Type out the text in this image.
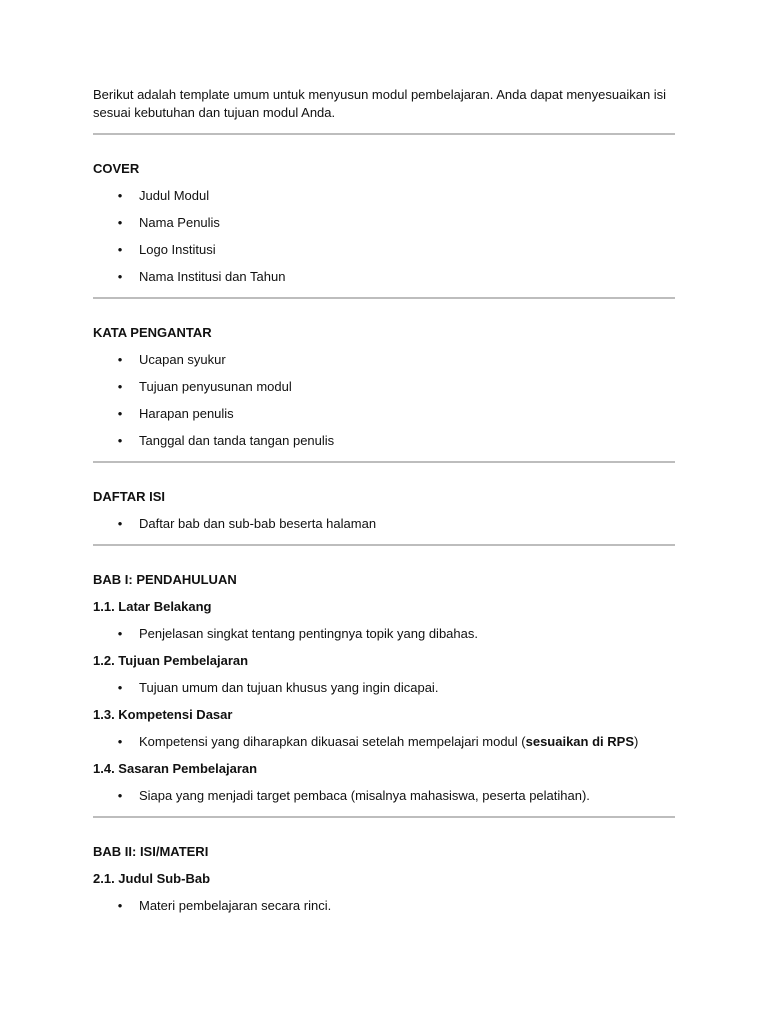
Berikut adalah template umum untuk menyusun modul pembelajaran. Anda dapat menyesuaikan isi sesuai kebutuhan dan tujuan modul Anda.

COVER
• Judul Modul
• Nama Penulis
• Logo Institusi
• Nama Institusi dan Tahun
KATA PENGANTAR
• Ucapan syukur
• Tujuan penyusunan modul
• Harapan penulis
• Tanggal dan tanda tangan penulis
DAFTAR ISI
• Daftar bab dan sub-bab beserta halaman
BAB I: PENDAHULUAN
1.1. Latar Belakang
• Penjelasan singkat tentang pentingnya topik yang dibahas.
1.2. Tujuan Pembelajaran
• Tujuan umum dan tujuan khusus yang ingin dicapai.
1.3. Kompetensi Dasar
• Kompetensi yang diharapkan dikuasai setelah mempelajari modul (sesuaikan di RPS)
1.4. Sasaran Pembelajaran
• Siapa yang menjadi target pembaca (misalnya mahasiswa, peserta pelatihan).
BAB II: ISI/MATERI
2.1. Judul Sub-Bab
• Materi pembelajaran secara rinci.
